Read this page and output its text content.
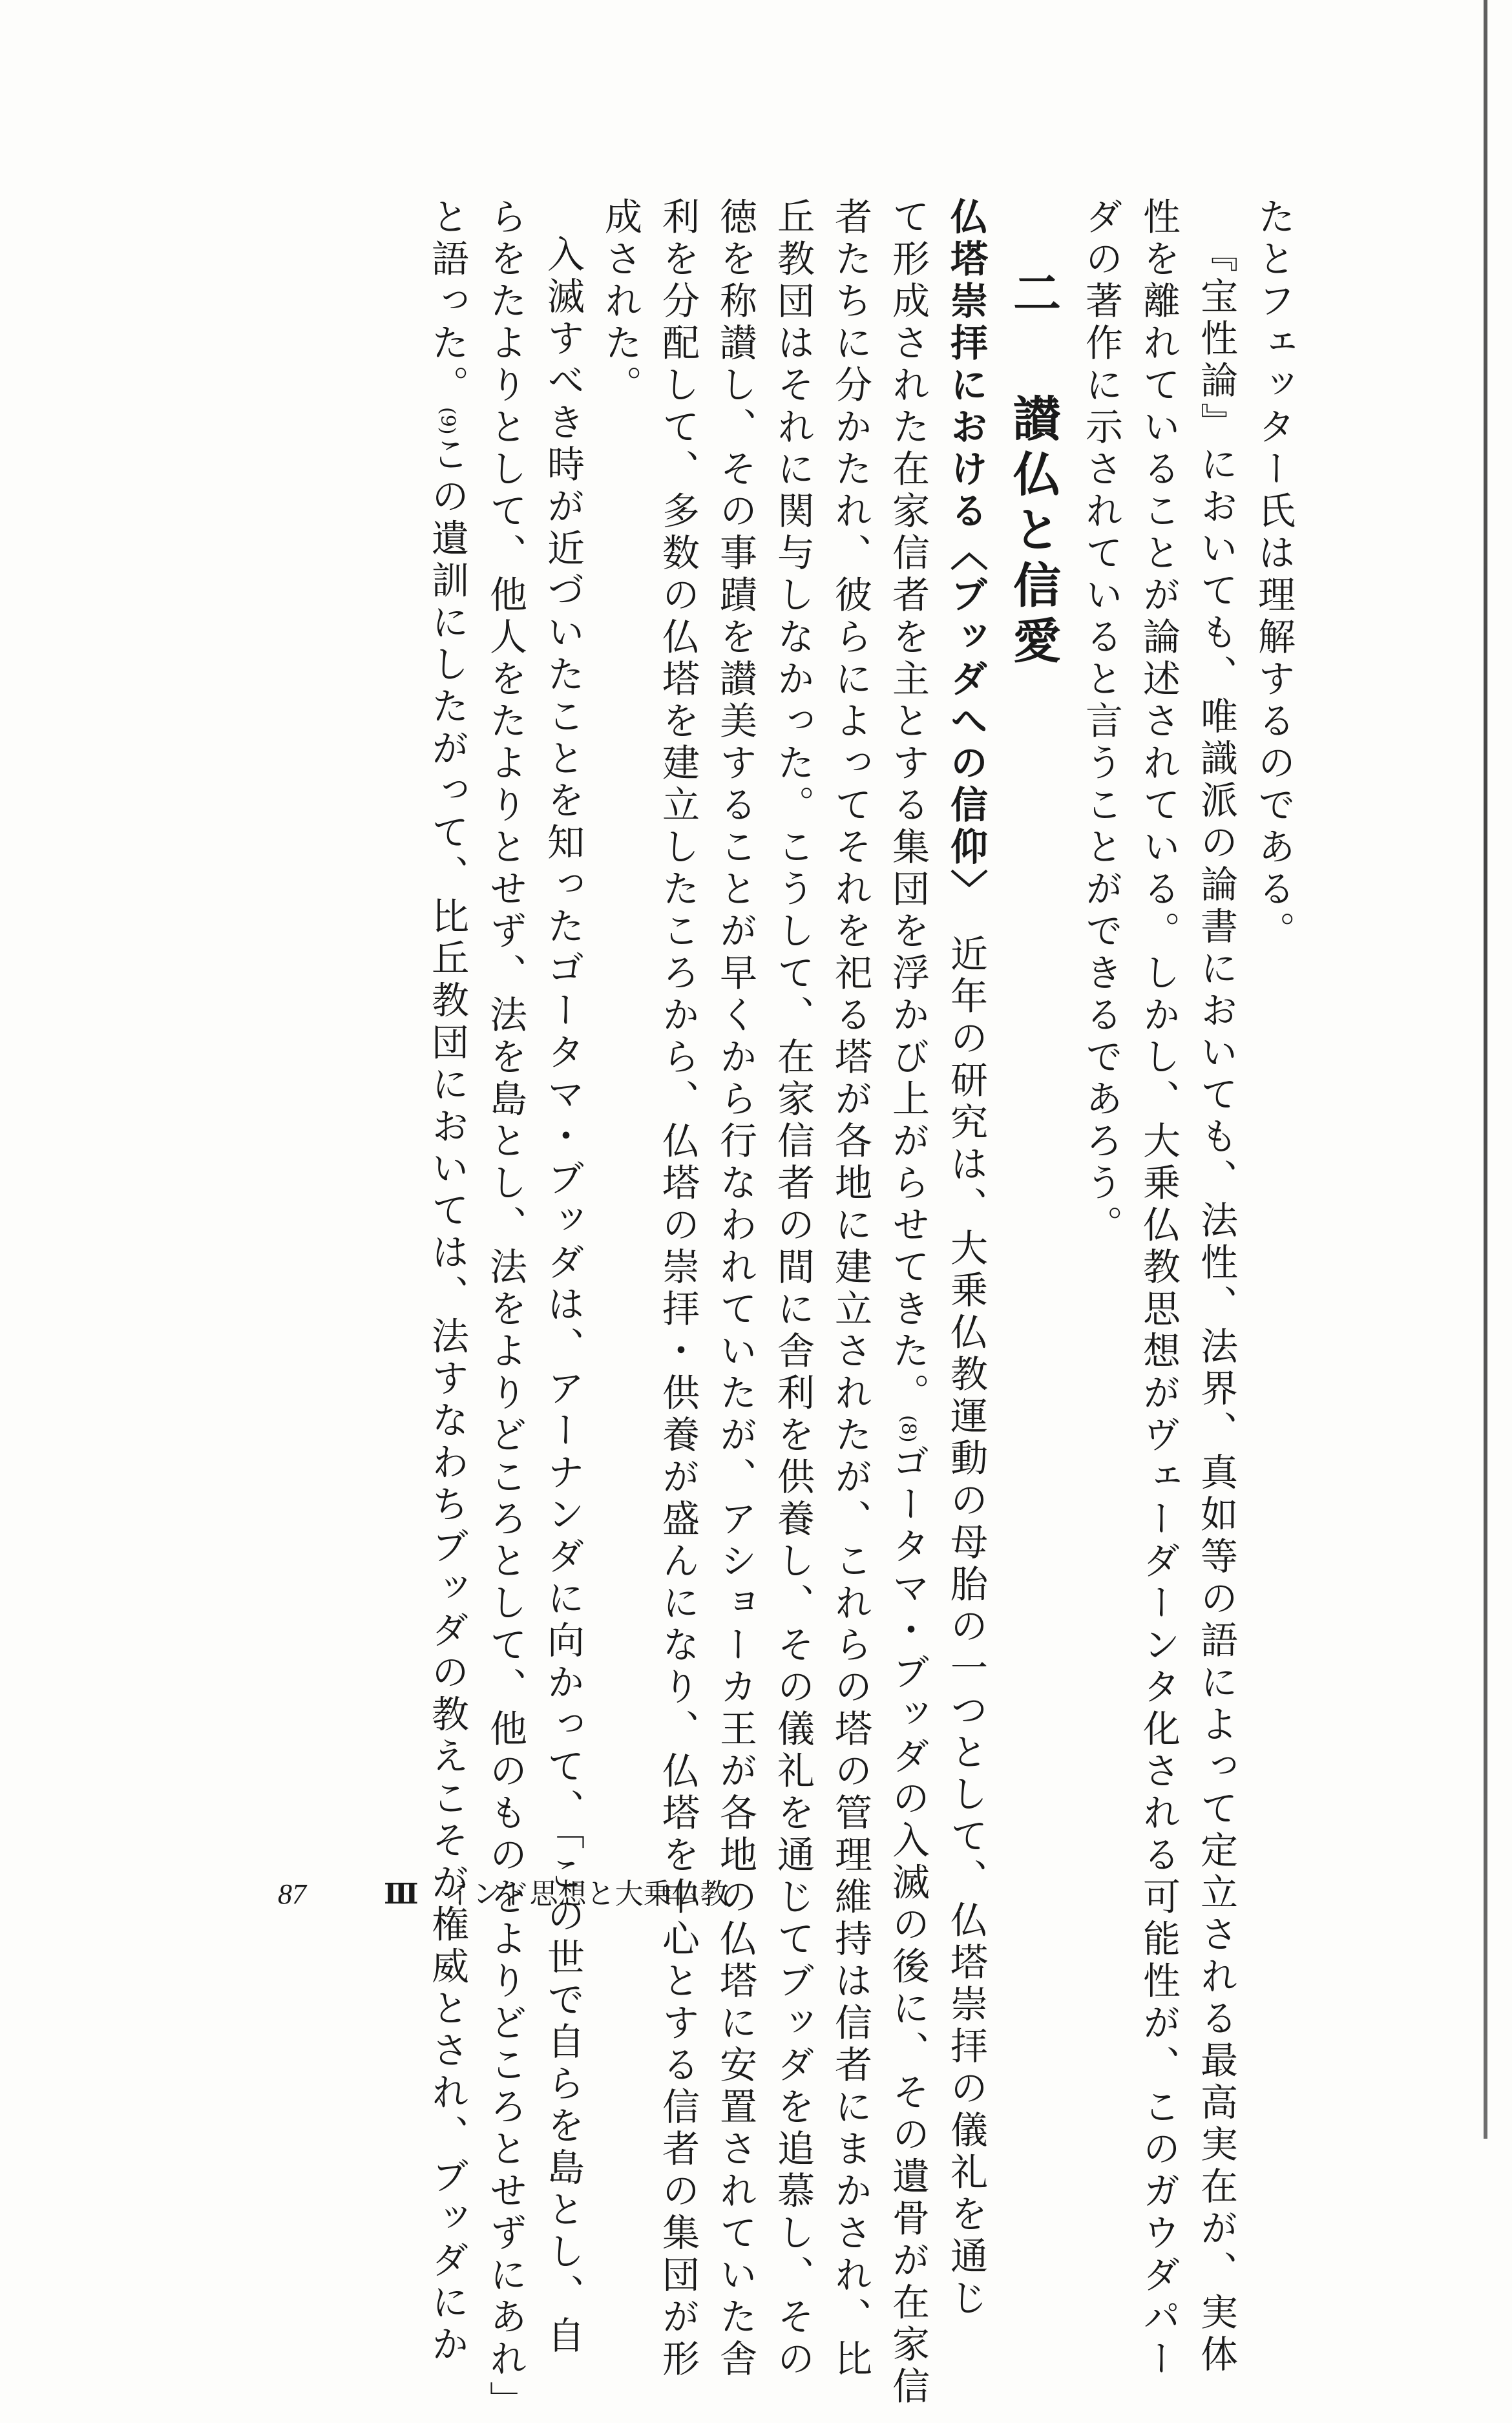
たとフェッター氏は理解するのである。
『宝性論』においても、唯識派の論書においても、法性、法界、真如等の語によって定立される最高実在が、実体
性を離れていることが論述されている。しかし、大乗仏教思想がヴェーダーンタ化される可能性が、このガウダパー
ダの著作に示されていると言うことができるであろう。
二 讃仏と信愛
仏塔崇拝における〈ブッダへの信仰〉　近年の研究は、大乗仏教運動の母胎の一つとして、仏塔崇拝の儀礼を通じ
て形成された在家信者を主とする集団を浮かび上がらせてきた。(8)ゴータマ・ブッダの入滅の後に、その遺骨が在家信
者たちに分かたれ、彼らによってそれを祀る塔が各地に建立されたが、これらの塔の管理維持は信者にまかされ、比
丘教団はそれに関与しなかった。こうして、在家信者の間に舎利を供養し、その儀礼を通じてブッダを追慕し、その
徳を称讃し、その事蹟を讃美することが早くから行なわれていたが、アショーカ王が各地の仏塔に安置されていた舎
利を分配して、多数の仏塔を建立したころから、仏塔の崇拝・供養が盛んになり、仏塔を中心とする信者の集団が形
成された。
入滅すべき時が近づいたことを知ったゴータマ・ブッダは、アーナンダに向かって、「この世で自らを島とし、自
らをたよりとして、他人をたよりとせず、法を島とし、法をよりどころとして、他のものをよりどころとせずにあれ」
と語った。(9)この遺訓にしたがって、比丘教団においては、法すなわちブッダの教えこそが権威とされ、ブッダにか
87	Ⅲ インド思想と大乗仏教
